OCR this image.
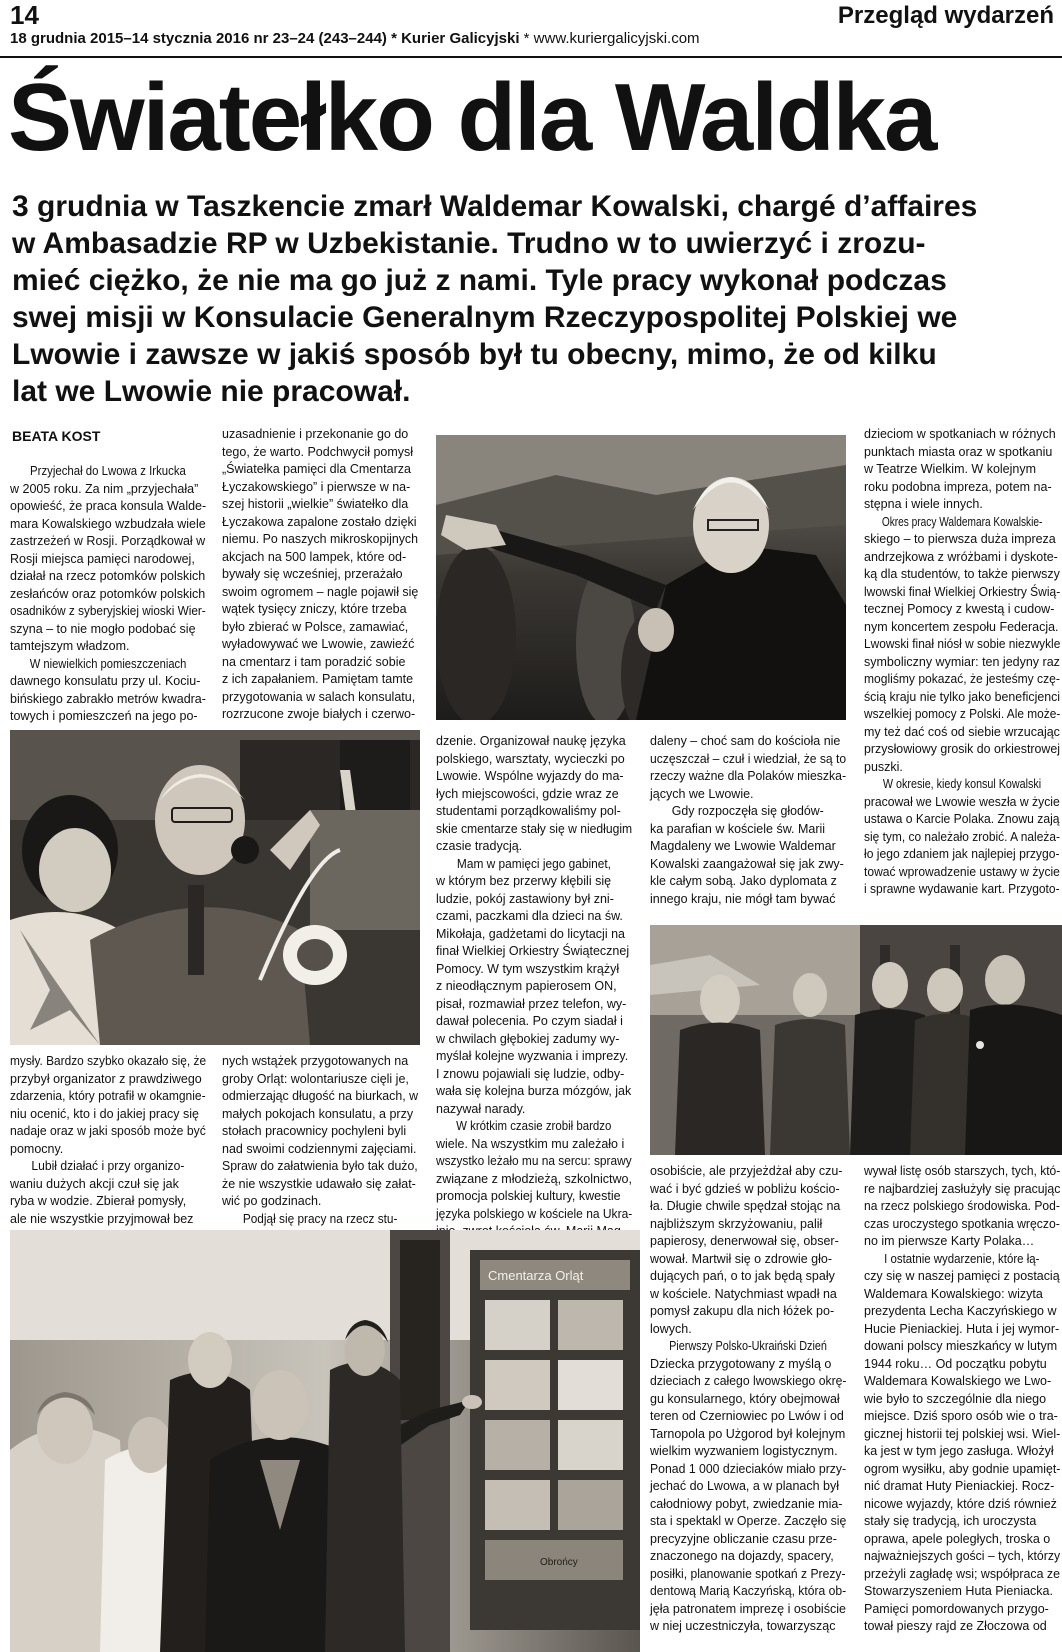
14	Przegląd wydarzeń
18 grudnia 2015–14 stycznia 2016 nr 23–24 (243–244) * Kurier Galicyjski * www.kuriergalicyjski.com
Światełko dla Waldka
3 grudnia w Taszkencie zmarł Waldemar Kowalski, chargé d’affaires
w Ambasadzie RP w Uzbekistanie. Trudno w to uwierzyć i zrozu-
mieć ciężko, że nie ma go już z nami. Tyle pracy wykonał podczas
swej misji w Konsulacie Generalnym Rzeczypospolitej Polskiej we
Lwowie i zawsze w jakiś sposób był tu obecny, mimo, że od kilku
lat we Lwowie nie pracował.
BEATA KOST
Przyjechał do Lwowa z Irkucka
w 2005 roku. Za nim „przyjechała”
opowieść, że praca konsula Walde-
mara Kowalskiego wzbudzała wiele
zastrzeżeń w Rosji. Porządkował w
Rosji miejsca pamięci narodowej,
działał na rzecz potomków polskich
zesłańców oraz potomków polskich
osadników z syberyjskiej wioski Wier-
szyna – to nie mogło podobać się
tamtejszym władzom.
W niewielkich pomieszczeniach
dawnego konsulatu przy ul. Kociu-
bińskiego zabrakło metrów kwadra-
towych i pomieszczeń na jego po-
uzasadnienie i przekonanie go do
tego, że warto. Podchwycił pomysł
„Światełka pamięci dla Cmentarza
Łyczakowskiego” i pierwsze w na-
szej historii „wielkie” światełko dla
Łyczakowa zapalone zostało dzięki
niemu. Po naszych mikroskopijnych
akcjach na 500 lampek, które od-
bywały się wcześniej, przerażało
swoim ogromem – nagle pojawił się
wątek tysięcy zniczy, które trzeba
było zbierać w Polsce, zamawiać,
wyładowywać we Lwowie, zawieźć
na cmentarz i tam poradzić sobie
z ich zapałaniem. Pamiętam tamte
przygotowania w salach konsulatu,
rozrzucone zwoje białych i czerwo-
dzenie. Organizował naukę języka
polskiego, warsztaty, wycieczki po
Lwowie. Wspólne wyjazdy do ma-
łych miejscowości, gdzie wraz ze
studentami porządkowaliśmy pol-
skie cmentarze stały się w niedługim
czasie tradycją.
Mam w pamięci jego gabinet,
w którym bez przerwy kłębili się
ludzie, pokój zastawiony był zni-
czami, paczkami dla dzieci na św.
Mikołaja, gadżetami do licytacji na
finał Wielkiej Orkiestry Świątecznej
Pomocy. W tym wszystkim krążył
z nieodłącznym papierosem ON,
pisał, rozmawiał przez telefon, wy-
dawał polecenia. Po czym siadał i
w chwilach głębokiej zadumy wy-
myślał kolejne wyzwania i imprezy.
I znowu pojawiali się ludzie, odby-
wała się kolejna burza mózgów, jak
nazywał narady.
W krótkim czasie zrobił bardzo
wiele. Na wszystkim mu zależało i
wszystko leżało mu na sercu: sprawy
związane z młodzieżą, szkolnictwo,
promocja polskiej kultury, kwestie
języka polskiego w kościele na Ukra-
daleny – choć sam do kościoła nie
uczęszczał – czuł i wiedział, że są to
rzeczy ważne dla Polaków mieszka-
jących we Lwowie.
Gdy rozpoczęła się głodów-
ka parafian w kościele św. Marii
Magdaleny we Lwowie Waldemar
Kowalski zaangażował się jak zwy-
kle całym sobą. Jako dyplomata z
innego kraju, nie mógł tam bywać
dzieciom w spotkaniach w różnych
punktach miasta oraz w spotkaniu
w Teatrze Wielkim. W kolejnym
roku podobna impreza, potem na-
stępna i wiele innych.
Okres pracy Waldemara Kowalskie-
skiego – to pierwsza duża impreza
andrzejkowa z wróżbami i dyskote-
ką dla studentów, to także pierwszy
lwowski finał Wielkiej Orkiestry Świą-
tecznej Pomocy z kwestą i cudow-
nym koncertem zespołu Federacja.
Lwowski finał niósł w sobie niezwykle
symboliczny wymiar: ten jedyny raz
mogliśmy pokazać, że jesteśmy czę-
ścią kraju nie tylko jako beneficjenci
wszelkiej pomocy z Polski. Ale może-
my też dać coś od siebie wrzucając
przysłowiowy grosik do orkiestrowej
puszki.
W okresie, kiedy konsul Kowalski
pracował we Lwowie weszła w życie
ustawa o Karcie Polaka. Znowu zają
się tym, co należało zrobić. A należa-
ło jego zdaniem jak najlepiej przygo-
tować wprowadzenie ustawy w życie
i sprawne wydawanie kart. Przygoto-
mysły. Bardzo szybko okazało się, że
przybył organizator z prawdziwego
zdarzenia, który potrafił w okamgnie-
niu ocenić, kto i do jakiej pracy się
nadaje oraz w jaki sposób może być
pomocny.
Lubił działać i przy organizo-
waniu dużych akcji czuł się jak
ryba w wodzie. Zbierał pomysły,
ale nie wszystkie przyjmował bez
nych wstążek przygotowanych na
groby Orląt: wolontariusze cięli je,
odmierzając długość na biurkach, w
małych pokojach konsulatu, a przy
stołach pracownicy pochyleni byli
nad swoimi codziennymi zajęciami.
Spraw do załatwienia było tak dużo,
że nie wszystkie udawało się załat-
wić po godzinach.
Podjął się pracy na rzecz stu-
osobiście, ale przyjeżdżał aby czu-
wać i być gdzieś w pobliżu kościo-
ła. Długie chwile spędzał stojąc na
najbliższym skrzyżowaniu, palił
papierosy, denerwował się, obser-
wował. Martwił się o zdrowie gło-
dujących pań, o to jak będą spały
w kościele. Natychmiast wpadł na
pomysł zakupu dla nich łóżek po-
lowych.
Pierwszy Polsko-Ukraiński Dzień
Dziecka przygotowany z myślą o
dzieciach z całego lwowskiego okrę-
gu konsularnego, który obejmował
teren od Czerniowiec po Lwów i od
Tarnopola po Użgorod był kolejnym
wielkim wyzwaniem logistycznym.
Ponad 1 000 dzieciaków miało przy-
jechać do Lwowa, a w planach był
całodniowy pobyt, zwiedzanie mia-
sta i spektakl w Operze. Zaczęło się
precyzyjne obliczanie czasu prze-
znaczonego na dojazdy, spacery,
posiłki, planowanie spotkań z Prezy-
dentową Marią Kaczyńską, która ob-
jęła patronatem imprezę i osobiście
w niej uczestniczyła, towarzysząc
wywał listę osób starszych, tych, któ-
re najbardziej zasłużyły się pracując
na rzecz polskiego środowiska. Pod-
czas uroczystego spotkania wręczo-
no im pierwsze Karty Polaka…
I ostatnie wydarzenie, które łą-
czy się w naszej pamięci z postacią
Waldemara Kowalskiego: wizyta
prezydenta Lecha Kaczyńskiego w
Hucie Pieniackiej. Huta i jej wymor-
dowani polscy mieszkańcy w lutym
1944 roku… Od początku pobytu
Waldemara Kowalskiego we Lwo-
wie było to szczególnie dla niego
miejsce. Dziś sporo osób wie o tra-
gicznej historii tej polskiej wsi. Wiel-
ka jest w tym jego zasługa. Włożył
ogrom wysiłku, aby godnie upamięt-
nić dramat Huty Pieniackiej. Rocz-
nicowe wyjazdy, które dziś również
stały się tradycją, ich uroczysta
oprawa, apele poległych, troska o
najważniejszych gości – tych, którzy
przeżyli zagładę wsi; współpraca ze
Stowarzyszeniem Huta Pieniacka.
Pamięci pomordowanych przygo-
tował pieszy rajd ze Złoczowa od
Cmentarza Orląt
Obrońcy
